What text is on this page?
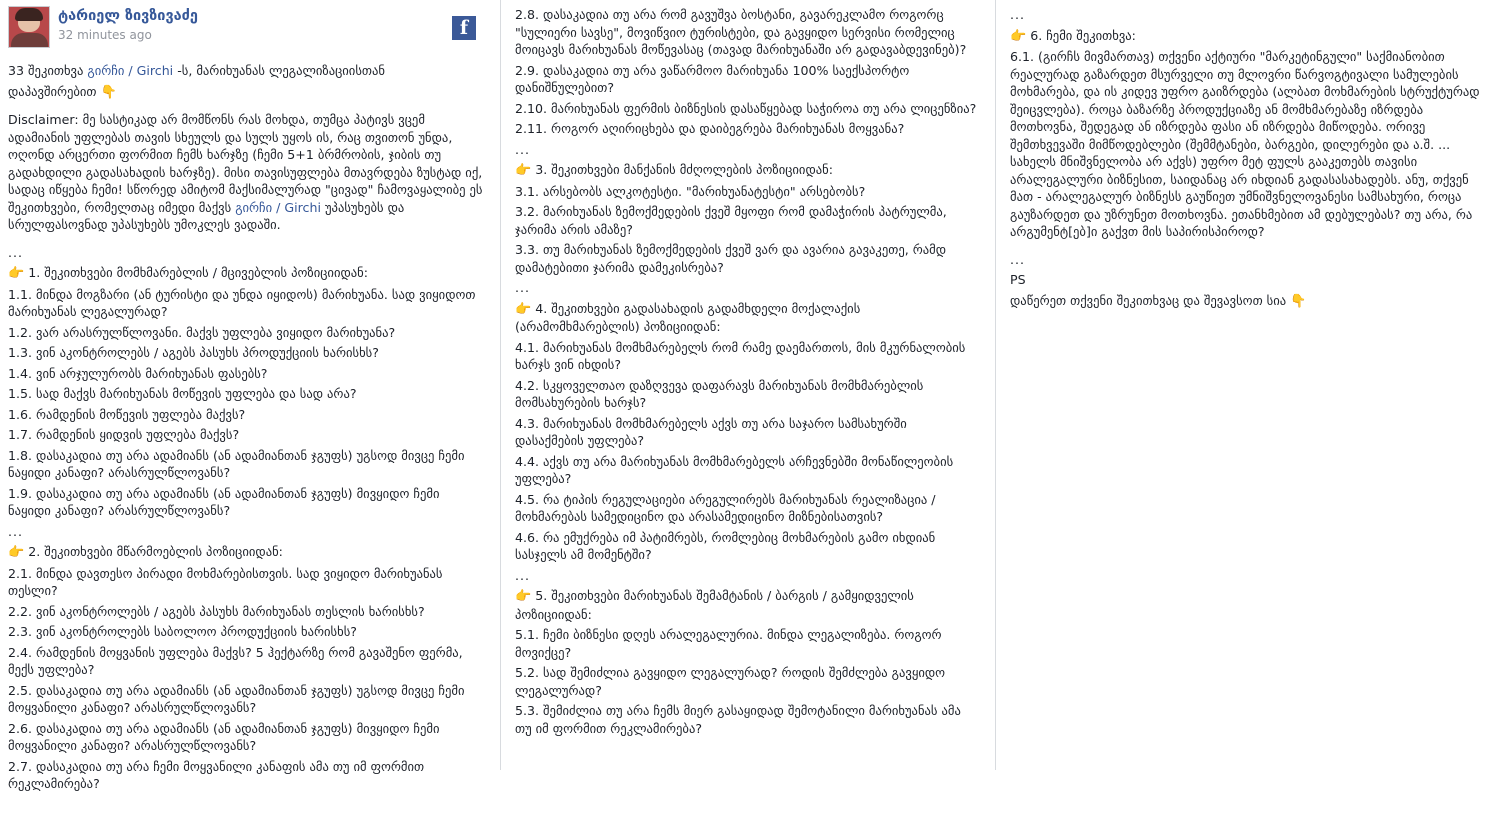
ტარიელ ზივზივაძე
32 minutes ago	f

33 შეკითხვა გირჩი / Girchi -ს, მარიხუანას ლეგალიზაციისთან

დაპავშირებით 👇

Disclaimer: მე სასტიკად არ მომწონს რას მოხდა, თუმცა პატივს ვცემ ადამიანის უფლებას თავის სხეულს და სულს უყოს ის, რაც თვითონ უნდა, ოღონდ არცერთი ფორმით ჩემს ხარჯზე (ჩემი 5+1 ბრმრობის, ჯიბის თუ გადახდილი გადასახადის ხარჯზე). მისი თავისუფლება მთავრდება ზუსტად იქ, სადაც იწყება ჩემი! სწორედ ამიტომ მაქსიმალურად "ცივად" ჩამოვაყალიბე ეს შეკითხვები, რომელთაც იმედი მაქვს გირჩი / Girchi უპასუხებს და სრულფასოვნად უპასუხებს უმოკლეს ვადაში.

...

👉 1. შეკითხვები მომხმარებლის / მცივებლის პოზიციიდან:

1.1. მინდა მოგზარი (ან ტურისტი და უნდა იყიდოს) მარიხუანა. სად ვიყიდოთ მარიხუანას ლეგალურად?

1.2. ვარ არასრულწლოვანი. მაქვს უფლება ვიყიდო მარიხუანა?

1.3. ვინ აკონტროლებს / აგებს პასუხს პროდუქციის ხარისხს?

1.4. ვინ არჯულურობს მარიხუანას ფასებს?

1.5. სად მაქვს მარიხუანას მოწევის უფლება და სად არა?

1.6. რამდენის მოწევის უფლება მაქვს?

1.7. რამდენის ყიდვის უფლება მაქვს?

1.8. დასაკადია თუ არა ადამიანს (ან ადამიანთან ჯგუფს) უგსოდ მივცე ჩემი ნაყიდი კანაფი? არასრულწლოვანს?

1.9. დასაკადია თუ არა ადამიანს (ან ადამიანთან ჯგუფს) მივყიდო ჩემი ნაყიდი კანაფი? არასრულწლოვანს?

...

👉 2. შეკითხვები მწარმოებლის პოზიციიდან:

2.1. მინდა დავთესო პირადი მოხმარებისთვის. სად ვიყიდო მარიხუანას თესლი?

2.2. ვინ აკონტროლებს / აგებს პასუხს მარიხუანას თესლის ხარისხს?

2.3. ვინ აკონტროლებს საბოლოო პროდუქციის ხარისხს?

2.4. რამდენის მოყვანის უფლება მაქვს? 5 ჰექტარზე რომ გავაშენო ფერმა, მექს უფლება?

2.5. დასაკადია თუ არა ადამიანს (ან ადამიანთან ჯგუფს) უგსოდ მივცე ჩემი მოყვანილი კანაფი? არასრულწლოვანს?

2.6. დასაკადია თუ არა ადამიანს (ან ადამიანთან ჯგუფს) მივყიდო ჩემი მოყვანილი კანაფი? არასრულწლოვანს?

2.7. დასაკადია თუ არა ჩემი მოყვანილი კანაფის ამა თუ იმ ფორმით რეკლამირება?

2.8. დასაკადია თუ არა რომ გავუშვა ბოსტანი, გავარეკლამო როგორც "სულიერი სავსე", მოვიწვიო ტურისტები, და გავყიდო სერვისი რომელიც მოიცავს მარიხუანას მოწევასაც (თავად მარიხუანაში არ გადავაბდევინებ)?

2.9. დასაკადია თუ არა ვაწარმოო მარიხუანა 100% საექსპორტო დანიშნულებით?

2.10. მარიხუანას ფერმის ბიზნესის დასაწყებად საჭიროა თუ არა ლიცენზია?

2.11. როგორ აღირიცხება და დაიბეგრება მარიხუანას მოყვანა?

...

👉 3. შეკითხვები მანქანის მძღოლების პოზიციიდან:

3.1. არსებობს ალკოტესტი. "მარიხუანატესტი" არსებობს?

3.2. მარიხუანას ზემოქმედების ქვეშ მყოფი რომ დამაჭირის პატრულმა, ჯარიმა არის ამაზე?

3.3. თუ მარიხუანას ზემოქმედების ქვეშ ვარ და ავარია გავაკეთე, რამდ დამატებითი ჯარიმა დამეკისრება?

...

👉 4. შეკითხვები გადასახადის გადამხდელი მოქალაქის (არამომხმარებლის) პოზიციიდან:

4.1. მარიხუანას მომხმარებელს რომ რამე დაემართოს, მის მკურნალობის ხარჯს ვინ იხდის?

4.2. სკყოველთაო დაზღვევა დაფარავს მარიხუანას მომხმარებლის მომსახურების ხარჯს?

4.3. მარიხუანას მომხმარებელს აქვს თუ არა საჯარო სამსახურში დასაქმების უფლება?

4.4. აქვს თუ არა მარიხუანას მომხმარებელს არჩევნებში მონაწილეობის უფლება?

4.5. რა ტიპის რეგულაციები არეგულირებს მარიხუანას რეალიზაცია / მოხმარებას სამედიცინო და არასამედიცინო მიზნებისათვის?

4.6. რა ემუქრება იმ პატიმრებს, რომლებიც მოხმარების გამო იხდიან სასჯელს ამ მომენტში?

...

👉 5. შეკითხვები მარიხუანას შემამტანის / ბარგის / გამყიდველის პოზიციიდან:

5.1. ჩემი ბიზნესი დღეს არალეგალურია. მინდა ლეგალიზება. როგორ მოვიქცე?

5.2. სად შემიძლია გავყიდო ლეგალურად? როდის შემძლება გავყიდო ლეგალურად?

5.3. შემიძლია თუ არა ჩემს მიერ გასაყიდად შემოტანილი მარიხუანას ამა თუ იმ ფორმით რეკლამირება?

...

👉 6. ჩემი შეკითხვა:

6.1. (გირჩს მივმართავ) თქვენი აქტიური "მარკეტინგული" საქმიანობით რეალურად გაზარდეთ მსურველი თუ მლოვრი წარვოგტივალი სამულების მოხმარება, და ის კიდევ უფრო გაიზრდება (ალბათ მოხმარების სტრუქტურად შეიცვლება). როცა ბაზარზე პროდუქციაზე ან მომხმარებაზე იზრდება მოთხოვნა, შედეგად ან იზრდება ფასი ან იზრდება მიწოდება. ორივე შემთხვევაში მიმწოდებლები (შემმტანები, ბარგები, დილერები და ა.შ. ... სახელს მნიშვნელობა არ აქვს) უფრო მეტ ფულს გააკეთებს თავისი არალეგალური ბიზნესით, საიდანაც არ იხდიან გადასასახადებს. ანუ, თქვენ მათ - არალეგალურ ბიზნესს გაუწიეთ უმნიშვნელოვანესი სამსახური, როცა გაუზარდეთ და უზრუნეთ მოთხოვნა. ეთანხმებით ამ დებულებას? თუ არა, რა არგუმენტ[ებ]ი გაქვთ მის საპირისპიროდ?

...

PS

დაწერეთ თქვენი შეკითხვაც და შევავსოთ სია 👇
